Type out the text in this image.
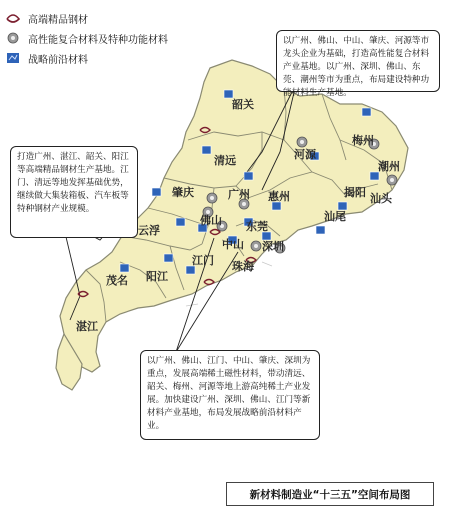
高端精品钢材
高性能复合材料及特种功能材料
战略前沿材料
韶关
清远	河源
梅州
潮州
肇庆	广州 惠州	揭阳 汕头
汕尾
佛山 东莞
云浮
中山 深圳
江门 珠海
茂名 阳江
湛江
以广州、佛山、中山、肇庆、河源等市龙头企业为基础，打造高性能复合材料产业基地。以广州、深圳、佛山、东莞、潮州等市为重点，布局建设特种功能材料生产基地。
打造广州、湛江、韶关、阳江等高端精品钢材生产基地。江门、清远等地发挥基础优势，继续做大集装箱板、汽车板等特种钢材产业规模。
以广州、佛山、江门、中山、肇庆、深圳为重点，发展高端稀土磁性材料，带动清远、韶关、梅州、河源等地上游高纯稀土产业发展。加快建设广州、深圳、佛山、江门等新材料产业基地，布局发展战略前沿材料产业。
新材料制造业“十三五”空间布局图
